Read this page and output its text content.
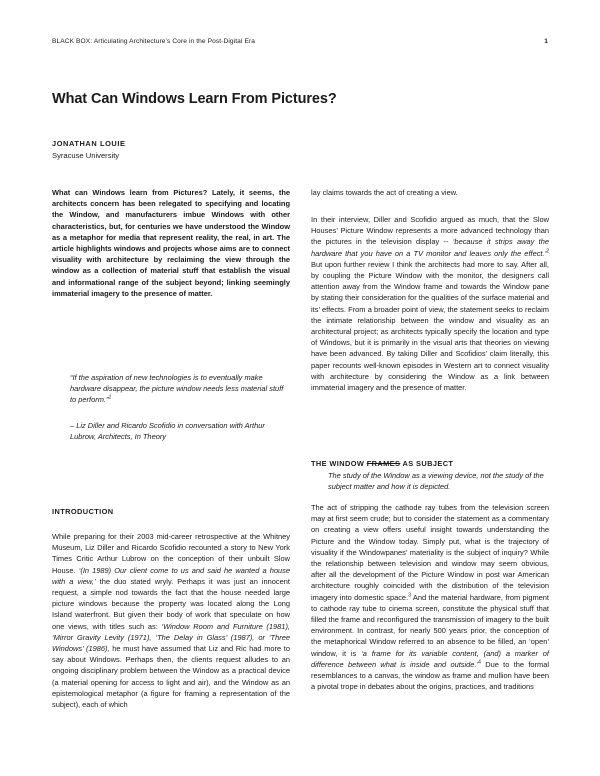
BLACK BOX: Articulating Architecture’s Core in the Post-Digital Era	1
What Can Windows Learn From Pictures?
JONATHAN LOUIE
Syracuse University

What can Windows learn from Pictures? Lately, it seems, the architects concern has been relegated to specifying and locating the Window, and manufacturers imbue Windows with other characteristics, but, for centuries we have understood the Window as a metaphor for media that represent reality, the real, in art. The article highlights windows and projects whose aims are to connect visuality with architecture by reclaiming the view through the window as a collection of material stuff that establish the visual and informational range of the subject beyond; linking seemingly immaterial imagery to the presence of matter.

“If the aspiration of new technologies is to eventually make hardware disappear, the picture window needs less material stuff to perform.”$^1$

– Liz Diller and Ricardo Scofidio in conversation with Arthur Lubrow, Architects, In Theory

INTRODUCTION

While preparing for their 2003 mid-career retrospective at the Whitney Museum, Liz Diller and Ricardo Scofidio recounted a story to New York Times Critic Arthur Lubrow on the conception of their unbuilt Slow House. ‘(In 1989) Our client come to us and said he wanted a house with a view,’ the duo stated wryly. Perhaps it was just an innocent request, a simple nod towards the fact that the house needed large picture windows because the property was located along the Long Island waterfront. But given their body of work that speculate on how one views, with titles such as: ‘Window Room and Furniture (1981), ‘Mirror Gravity Levity (1971), ‘The Delay in Glass’ (1987), or ‘Three Windows’ (1986), he must have assumed that Liz and Ric had more to say about Windows. Perhaps then, the clients request alludes to an ongoing disciplinary problem between the Window as a practical device (a material opening for access to light and air), and the Window as an epistemological metaphor (a figure for framing a representation of the subject), each of which

lay claims towards the act of creating a view.

In their interview, Diller and Scofidio argued as much, that the Slow Houses’ Picture Window represents a more advanced technology than the pictures in the television display -- ‘because it strips away the hardware that you have on a TV monitor and leaves only the effect.’$^2$ But upon further review I think the architects had more to say. After all, by coupling the Picture Window with the monitor, the designers call attention away from the Window frame and towards the Window pane by stating their consideration for the qualities of the surface material and its’ effects. From a broader point of view, the statement seeks to reclaim the intimate relationship between the window and visuality as an architectural project; as architects typically specify the location and type of Windows, but it is primarily in the visual arts that theories on viewing have been advanced. By taking Diller and Scofidios’ claim literally, this paper recounts well-known episodes in Western art to connect visuality with architecture by considering the Window as a link between immaterial imagery and the presence of matter.

THE WINDOW FRAMES AS SUBJECT

The study of the Window as a viewing device, not the study of the subject matter and how it is depicted.

The act of stripping the cathode ray tubes from the television screen may at first seem crude; but to consider the statement as a commentary on creating a view offers useful insight towards understanding the Picture and the Window today. Simply put, what is the trajectory of visuality if the Windowpanes’ materiality is the subject of inquiry? While the relationship between television and window may seem obvious, after all the development of the Picture Window in post war American architecture roughly coincided with the distribution of the television imagery into domestic space.$^3$ And the material hardware, from pigment to cathode ray tube to cinema screen, constitute the physical stuff that filled the frame and reconfigured the transmission of imagery to the built environment. In contrast, for nearly 500 years prior, the conception of the metaphorical Window referred to an absence to be filled, an ‘open’ window, it is ‘a frame for its variable content, (and) a marker of difference between what is inside and outside.’$^4$ Due to the formal resemblances to a canvas, the window as frame and mullion have been a pivotal trope in debates about the origins, practices, and traditions
